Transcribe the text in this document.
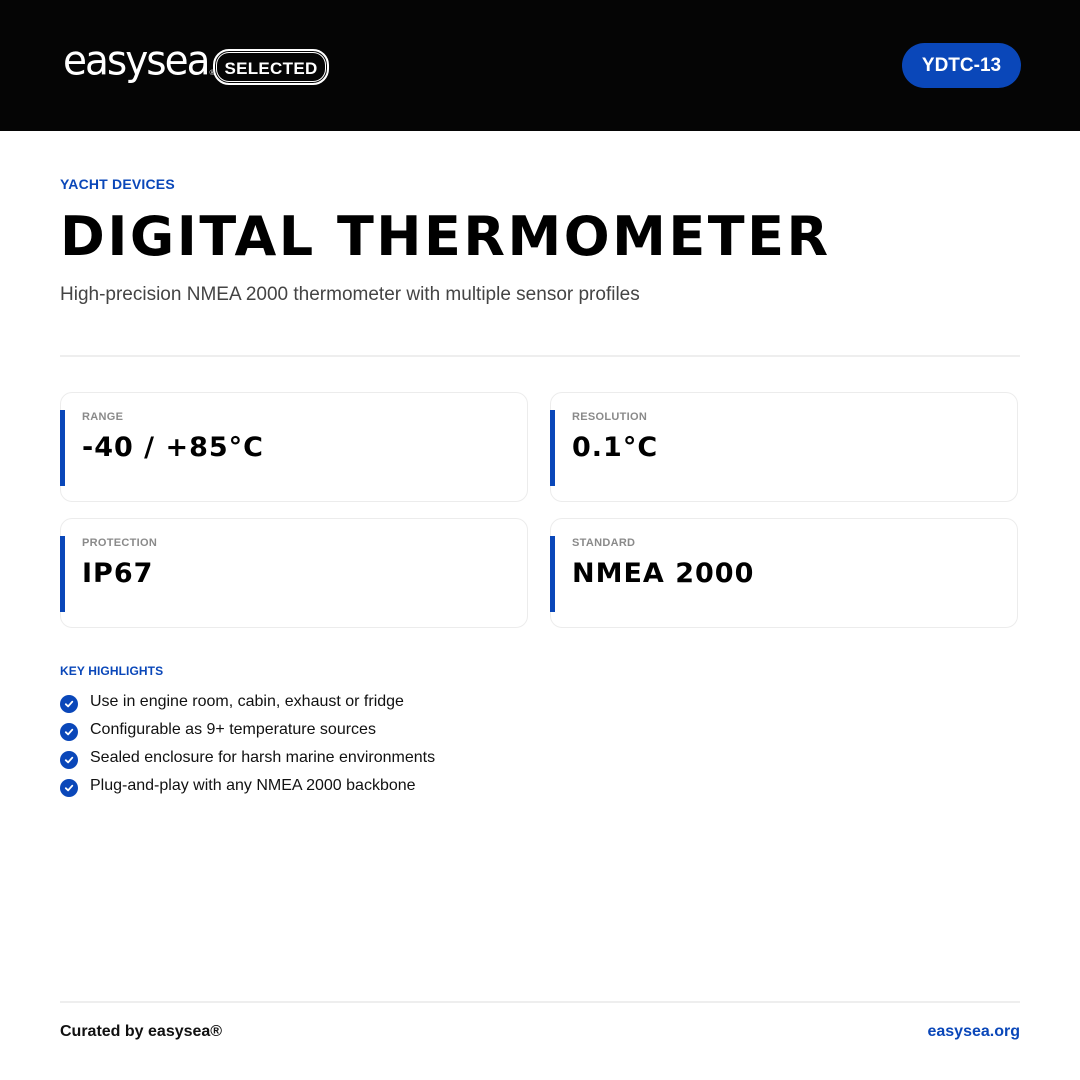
easysea ® SELECTED	YDTC-13
YACHT DEVICES
DIGITAL THERMOMETER
High-precision NMEA 2000 thermometer with multiple sensor profiles
RANGE
-40 / +85°C
RESOLUTION
0.1°C
PROTECTION
IP67
STANDARD
NMEA 2000
KEY HIGHLIGHTS
Use in engine room, cabin, exhaust or fridge
Configurable as 9+ temperature sources
Sealed enclosure for harsh marine environments
Plug-and-play with any NMEA 2000 backbone
Curated by easysea®	easysea.org
